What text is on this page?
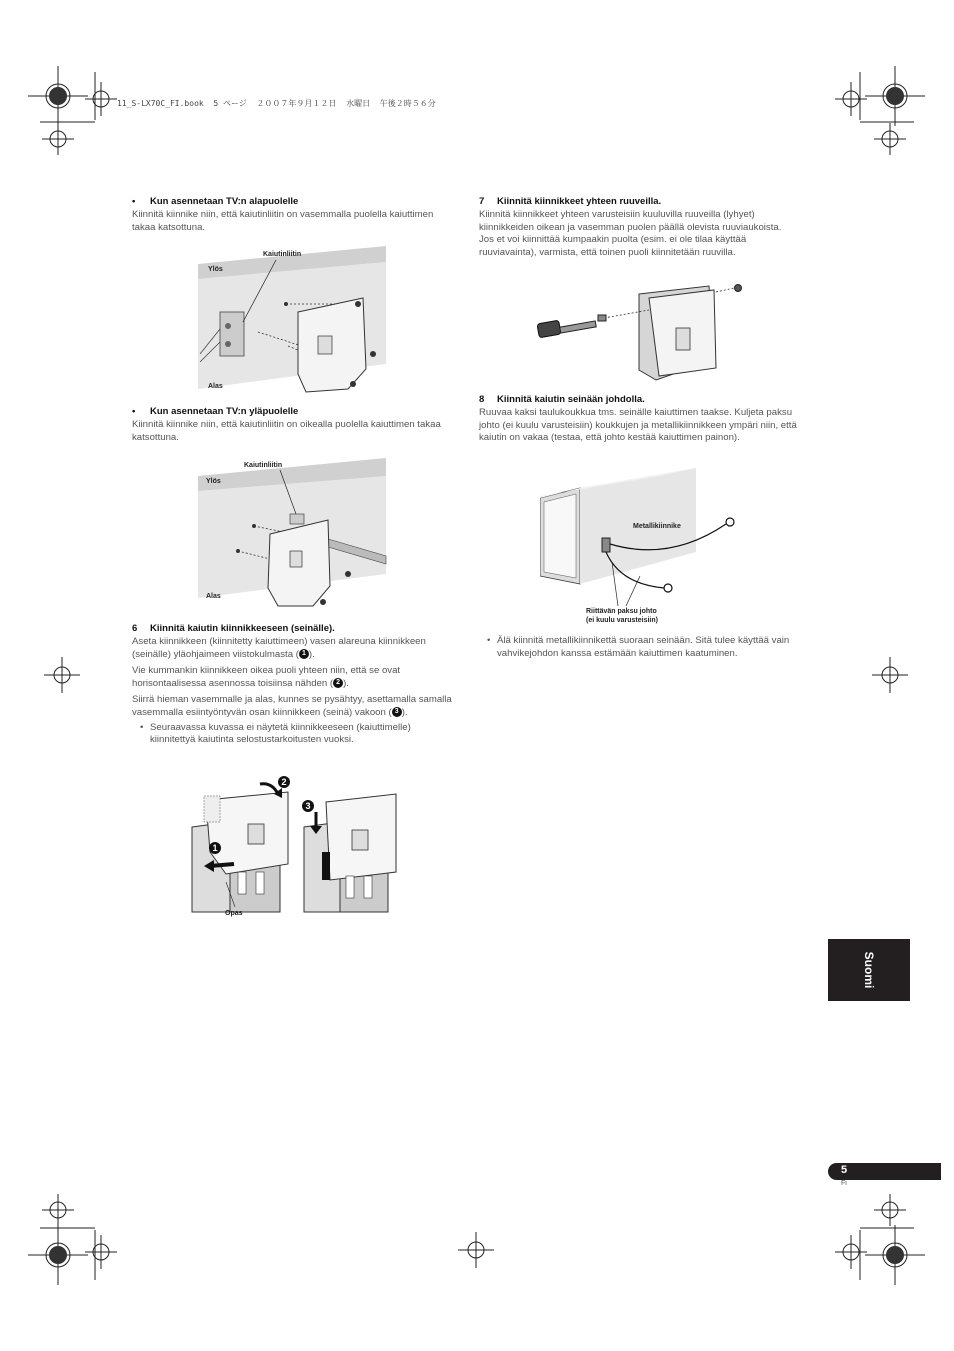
11_S-LX70C_FI.book  5 ページ  ２００７年９月１２日  水曜日  午後２時５６分
• Kun asennetaan TV:n alapuolelle

Kiinnitä kiinnike niin, että kaiutinliitin on vasemmalla puolella kaiuttimen takaa katsottuna.

Kaiutinliitin
Ylös
Alas
• Kun asennetaan TV:n yläpuolelle

Kiinnitä kiinnike niin, että kaiutinliitin on oikealla puolella kaiuttimen takaa katsottuna.

Kaiutinliitin
Ylös
Alas
6 Kiinnitä kaiutin kiinnikkeeseen (seinälle).

Aseta kiinnikkeen (kiinnitetty kaiuttimeen) vasen alareuna kiinnikkeen (seinälle) yläohjaimeen viistokulmasta ( 1 ).

Vie kummankin kiinnikkeen oikea puoli yhteen niin, että se ovat horisontaalisessa asennossa toisiinsa nähden ( 2 ).

Siirrä hieman vasemmalle ja alas, kunnes se pysähtyy, asettamalla samalla vasemmalla esiintyöntyvän osan kiinnikkeen (seinä) vakoon ( 3 ).

• Seuraavassa kuvassa ei näytetä kiinnikkeeseen (kaiuttimelle) kiinnitettyä kaiutinta selostustarkoitusten vuoksi.

2
3
1
Opas
7 Kiinnitä kiinnikkeet yhteen ruuveilla.

Kiinnitä kiinnikkeet yhteen varusteisiin kuuluvilla ruuveilla (lyhyet) kiinnikkeiden oikean ja vasemman puolen päällä olevista ruuviaukoista.

Jos et voi kiinnittää kumpaakin puolta (esim. ei ole tilaa käyttää ruuviavainta), varmista, että toinen puoli kiinnitetään ruuvilla.

8 Kiinnitä kaiutin seinään johdolla.

Ruuvaa kaksi taulukoukkua tms. seinälle kaiuttimen taakse. Kuljeta paksu johto (ei kuulu varusteisiin) koukkujen ja metallikiinnikkeen ympäri niin, että kaiutin on vakaa (testaa, että johto kestää kaiuttimen painon).

Metallikiinnike
Riittävän paksu johto
(ei kuulu varusteisiin)

• Älä kiinnitä metallikiinnikettä suoraan seinään. Sitä tulee käyttää vain vahvikejohdon kanssa estämään kaiuttimen kaatuminen.

Suomi
5
Fi
